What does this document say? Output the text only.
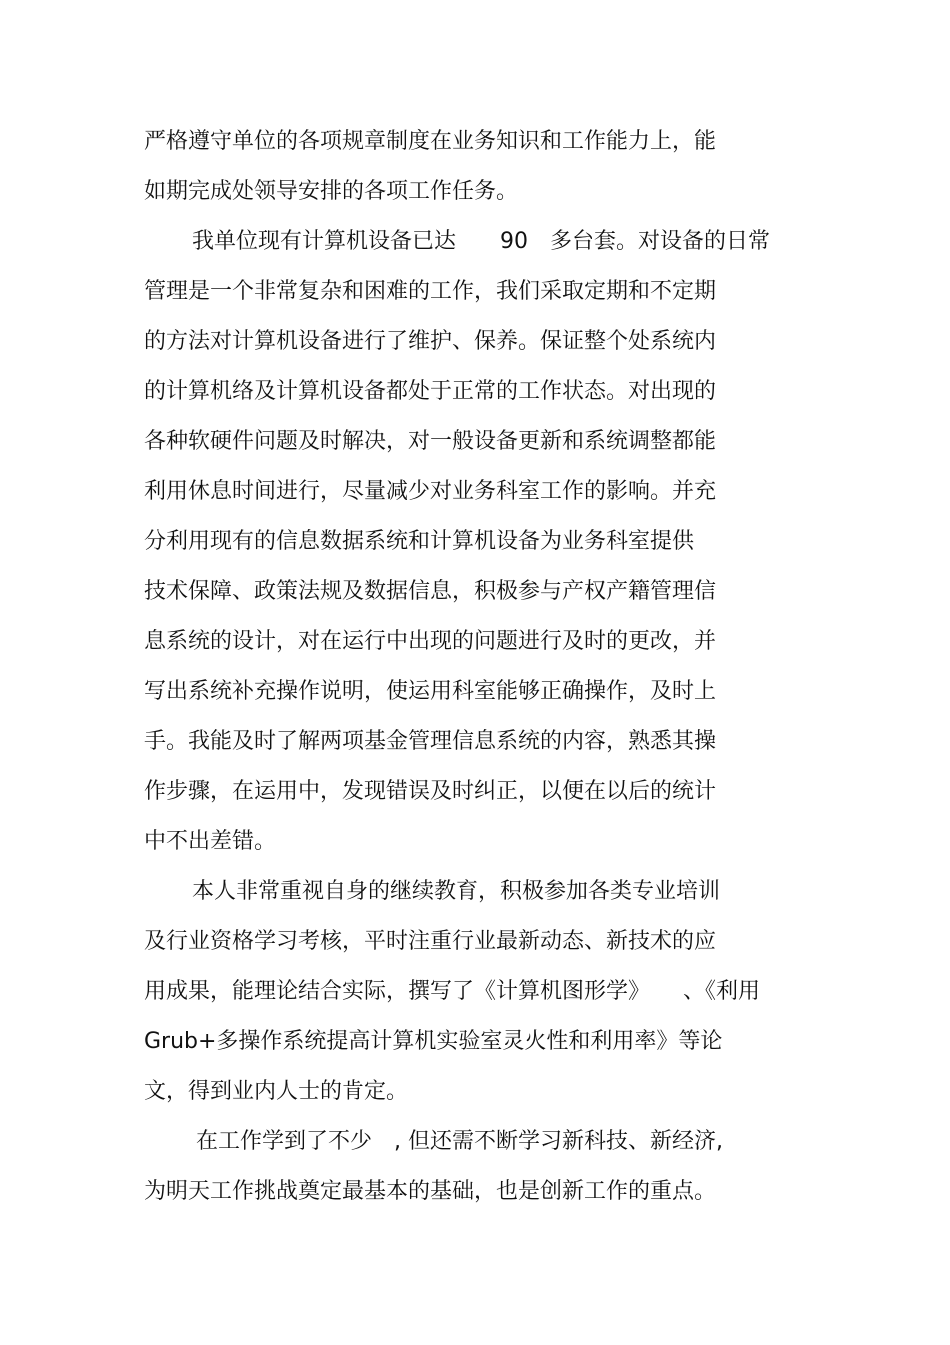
严格遵守单位的各项规章制度在业务知识和工作能力上，能

如期完成处领导安排的各项工作任务。

我单位现有计算机设备已达　　90　多台套。对设备的日常

管理是一个非常复杂和困难的工作，我们采取定期和不定期

的方法对计算机设备进行了维护、保养。保证整个处系统内

的计算机络及计算机设备都处于正常的工作状态。对出现的

各种软硬件问题及时解决，对一般设备更新和系统调整都能

利用休息时间进行，尽量减少对业务科室工作的影响。并充

分利用现有的信息数据系统和计算机设备为业务科室提供

技术保障、政策法规及数据信息，积极参与产权产籍管理信

息系统的设计，对在运行中出现的问题进行及时的更改，并

写出系统补充操作说明，使运用科室能够正确操作，及时上

手。我能及时了解两项基金管理信息系统的内容，熟悉其操

作步骤，在运用中，发现错误及时纠正，以便在以后的统计

中不出差错。

本人非常重视自身的继续教育，积极参加各类专业培训

及行业资格学习考核，平时注重行业最新动态、新技术的应

用成果，能理论结合实际，撰写了《计算机图形学》　　、《利用

Grub+多操作系统提高计算机实验室灵火性和利用率》等论

文，得到业内人士的肯定。

在工作学到了不少　, 但还需不断学习新科技、新经济,

为明天工作挑战奠定最基本的基础，也是创新工作的重点。
